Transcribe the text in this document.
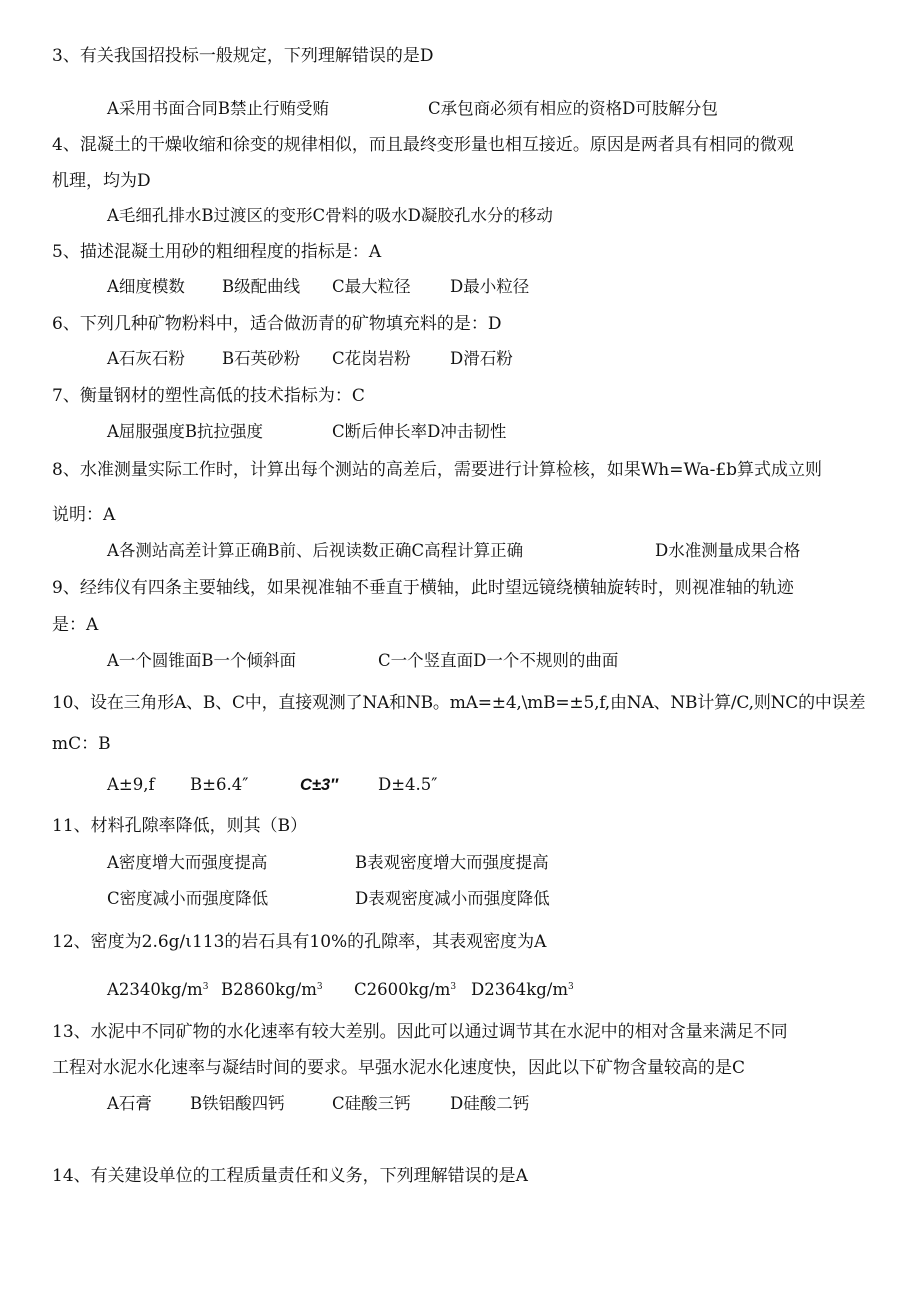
3、有关我国招投标一般规定，下列理解错误的是D
A采用书面合同B禁止行贿受贿	C承包商必须有相应的资格D可肢解分包
4、混凝土的干燥收缩和徐变的规律相似，而且最终变形量也相互接近。原因是两者具有相同的微观
机理，均为D
A毛细孔排水B过渡区的变形C骨料的吸水D凝胶孔水分的移动
5、描述混凝土用砂的粗细程度的指标是：A
A细度模数 B级配曲线 C最大粒径 D最小粒径
6、下列几种矿物粉料中，适合做沥青的矿物填充料的是：D
A石灰石粉 B石英砂粉 C花岗岩粉 D滑石粉
7、衡量钢材的塑性高低的技术指标为：C
A屈服强度B抗拉强度	C断后伸长率D冲击韧性
8、水准测量实际工作时，计算出每个测站的高差后，需要进行计算检核，如果Wh=Wa-£b算式成立则
说明：A
A各测站高差计算正确B前、后视读数正确C高程计算正确	D水准测量成果合格
9、经纬仪有四条主要轴线，如果视准轴不垂直于横轴，此时望远镜绕横轴旋转时，则视准轴的轨迹
是：A
A一个圆锥面B一个倾斜面	C一个竖直面D一个不规则的曲面
10、设在三角形A、B、C中，直接观测了NA和NB。mA=±4,\mB=±5,f,由NA、NB计算/C,则NC的中误差
mC：B
A±9,f B±6.4″	C±3″ D±4.5″
11、材料孔隙率降低，则其（B）
A密度增大而强度提高	B表观密度增大而强度提高
C密度减小而强度降低	D表观密度减小而强度降低
12、密度为2.6g/ι113的岩石具有10%的孔隙率，其表观密度为A
$A2340kg/m^3$ $B2860kg/m^3$ $C2600kg/m^3$ $D2364kg/m^3$
13、水泥中不同矿物的水化速率有较大差别。因此可以通过调节其在水泥中的相对含量来满足不同
工程对水泥水化速率与凝结时间的要求。早强水泥水化速度快，因此以下矿物含量较高的是C
A石膏 B铁铝酸四钙	C硅酸三钙 D硅酸二钙
14、有关建设单位的工程质量责任和义务，下列理解错误的是A
